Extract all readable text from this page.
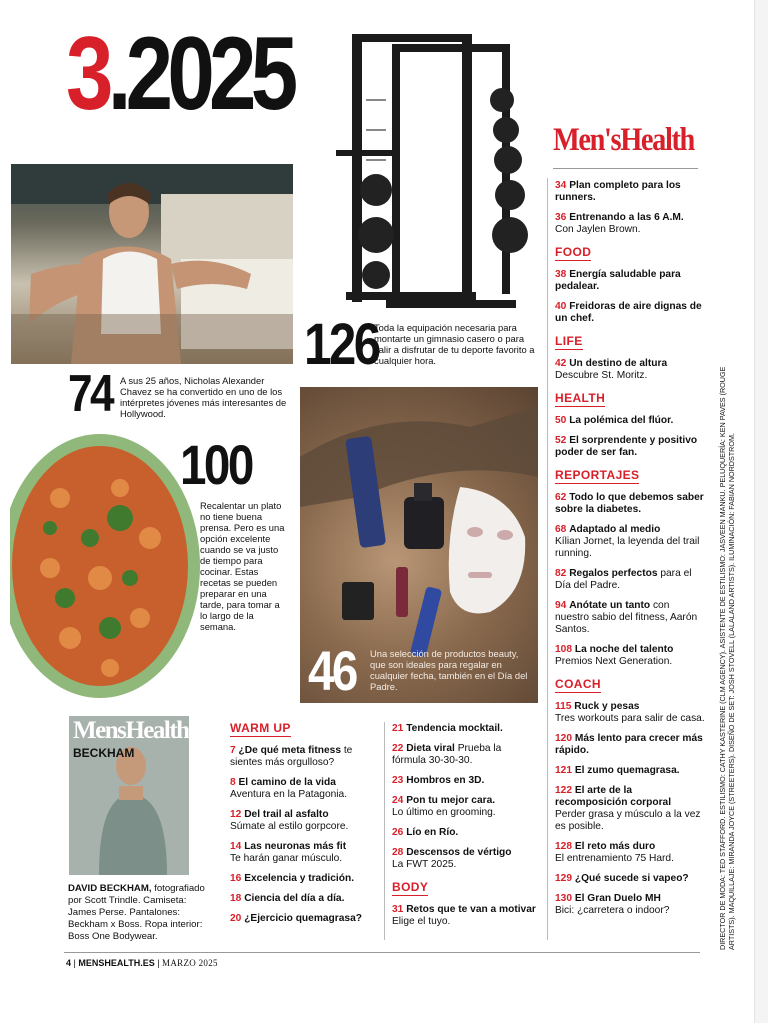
3.2025
MensHealth
BECKHAM
126
Toda la equipación necesaria para montarte un gimnasio casero o para salir a disfrutar de tu deporte favorito a cualquier hora.
74 A sus 25 años, Nicholas Alexander Chavez se ha convertido en uno de los intérpretes jóvenes más interesantes de Hollywood.
100
Recalentar un plato no tiene buena prensa. Pero es una opción excelente cuando se va justo de tiempo para cocinar. Estas recetas se pueden preparar en una tarde, para tomar a lo largo de la semana.
46 Una selección de productos beauty, que son ideales para regalar en cualquier fecha, también en el Día del Padre.
DAVID BECKHAM, fotografiado por Scott Trindle. Camiseta: James Perse. Pantalones: Beckham x Boss. Ropa interior: Boss One Bodywear.
Men'sHealth
WARM UP
7 ¿De qué meta fitness te sientes más orgulloso?
8 El camino de la vida
Aventura en la Patagonia.
12 Del trail al asfalto
Súmate al estilo gorpcore.
14 Las neuronas más fit
Te harán ganar músculo.
16 Excelencia y tradición.
18 Ciencia del día a día.
20 ¿Ejercicio quemagrasa?
21 Tendencia mocktail.
22 Dieta viral Prueba la fórmula 30-30-30.
23 Hombros en 3D.
24 Pon tu mejor cara.
Lo último en grooming.
26 Lío en Río.
28 Descensos de vértigo
La FWT 2025.
BODY
31 Retos que te van a motivar Elige el tuyo.
34 Plan completo para los runners.
36 Entrenando a las 6 A.M.
Con Jaylen Brown.
FOOD
38 Energía saludable para pedalear.
40 Freidoras de aire dignas de un chef.
LIFE
42 Un destino de altura
Descubre St. Moritz.
HEALTH
50 La polémica del flúor.
52 El sorprendente y positivo poder de ser fan.
REPORTAJES
62 Todo lo que debemos saber sobre la diabetes.
68 Adaptado al medio
Kílian Jornet, la leyenda del trail running.
82 Regalos perfectos para el Día del Padre.
94 Anótate un tanto con nuestro sabio del fitness, Aarón Santos.
108 La noche del talento
Premios Next Generation.
COACH
115 Ruck y pesas
Tres workouts para salir de casa.
120 Más lento para crecer más rápido.
121 El zumo quemagrasa.
122 El arte de la recomposición corporal
Perder grasa y músculo a la vez es posible.
128 El reto más duro
El entrenamiento 75 Hard.
129 ¿Qué sucede si vapeo?
130 El Gran Duelo MH
Bici: ¿carretera o indoor?	DIRECTOR DE MODA: TED STAFFORD. ESTILISMO: CATHY KASTERINE (CLM AGENCY). ASISTENTE DE ESTILISMO: JASVEEN MANKU. PELUQUERÍA: KEN PAVES (ROUGE ARTISTS). MAQUILLAJE: MIRANDA JOYCE (STREETERS). DISEÑO DE SET: JOSH STOVELL (LALALAND ARTISTS). ILUMINACIÓN: FABIAN NORDSTROM.
4 | MENSHEALTH.ES | MARZO 2025
